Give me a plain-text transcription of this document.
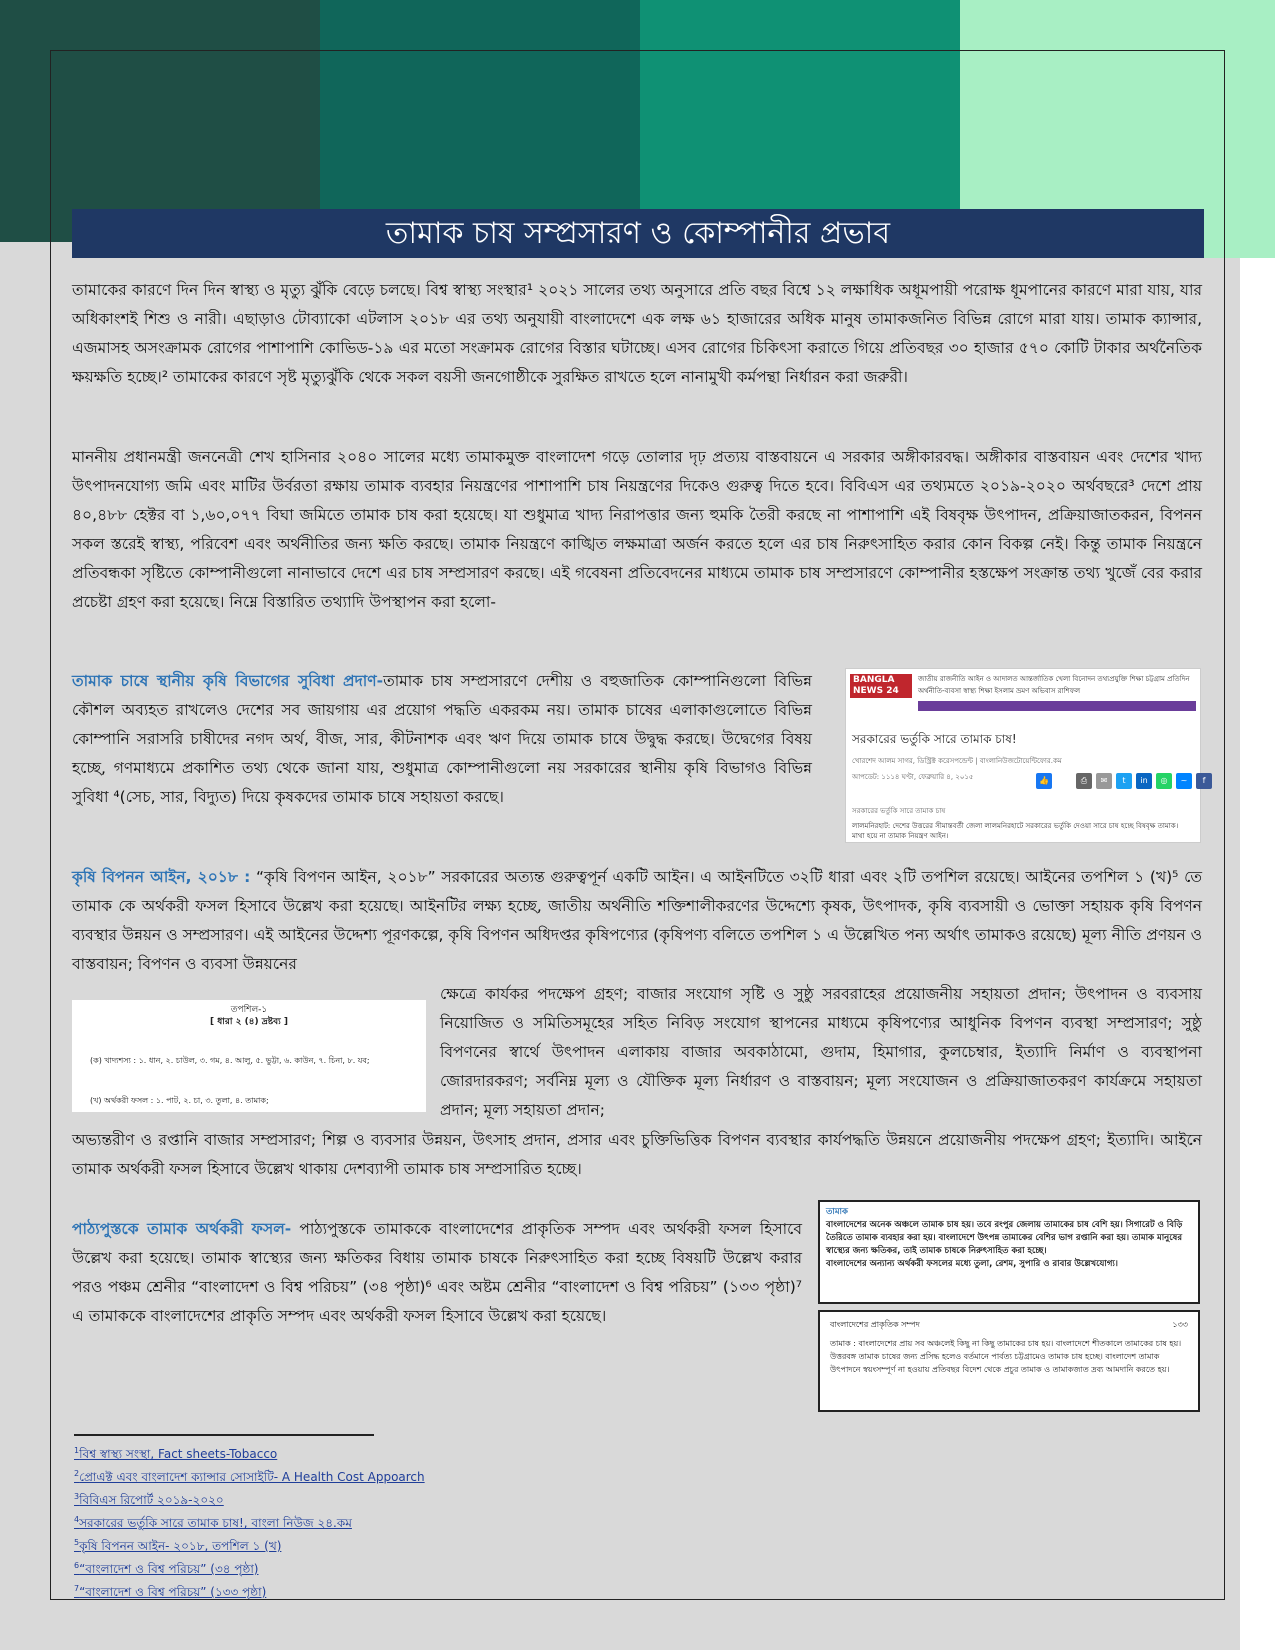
তামাক চাষ সম্প্রসারণ ও কোম্পানীর প্রভাব

তামাকের কারণে দিন দিন স্বাস্থ্য ও মৃত্যু ঝুঁকি বেড়ে চলছে। বিশ্ব স্বাস্থ্য সংস্থার¹ ২০২১ সালের তথ্য অনুসারে প্রতি বছর বিশ্বে ১২ লক্ষাধিক অধূমপায়ী পরোক্ষ ধূমপানের কারণে মারা যায়, যার অধিকাংশই শিশু ও নারী। এছাড়াও টোব্যাকো এটলাস ২০১৮ এর তথ্য অনুযায়ী বাংলাদেশে এক লক্ষ ৬১ হাজারের অধিক মানুষ তামাকজনিত বিভিন্ন রোগে মারা যায়। তামাক ক্যান্সার, এজমাসহ অসংক্রামক রোগের পাশাপাশি কোভিড-১৯ এর মতো সংক্রামক রোগের বিস্তার ঘটাচ্ছে। এসব রোগের চিকিৎসা করাতে গিয়ে প্রতিবছর ৩০ হাজার ৫৭০ কোটি টাকার অর্থনৈতিক ক্ষয়ক্ষতি হচ্ছে।² তামাকের কারণে সৃষ্ট মৃত্যুঝুঁকি থেকে সকল বয়সী জনগোষ্ঠীকে সুরক্ষিত রাখতে হলে নানামুখী কর্মপন্থা নির্ধারন করা জরুরী।

মাননীয় প্রধানমন্ত্রী জননেত্রী শেখ হাসিনার ২০৪০ সালের মধ্যে তামাকমুক্ত বাংলাদেশ গড়ে তোলার দৃঢ় প্রত্যয় বাস্তবায়নে এ সরকার অঙ্গীকারবদ্ধ। অঙ্গীকার বাস্তবায়ন এবং দেশের খাদ্য উৎপাদনযোগ্য জমি এবং মাটির উর্বরতা রক্ষায় তামাক ব্যবহার নিয়ন্ত্রণের পাশাপাশি চাষ নিয়ন্ত্রণের দিকেও গুরুত্ব দিতে হবে। বিবিএস এর তথ্যমতে ২০১৯-২০২০ অর্থবছরে³ দেশে প্রায় ৪০,৪৮৮ হেক্টর বা ১,৬০,০৭৭ বিঘা জমিতে তামাক চাষ করা হয়েছে। যা শুধুমাত্র খাদ্য নিরাপত্তার জন্য হুমকি তৈরী করছে না পাশাপাশি এই বিষবৃক্ষ উৎপাদন, প্রক্রিয়াজাতকরন, বিপনন সকল স্তরেই স্বাস্থ্য, পরিবেশ এবং অর্থনীতির জন্য ক্ষতি করছে। তামাক নিয়ন্ত্রণে কাঙ্খিত লক্ষমাত্রা অর্জন করতে হলে এর চাষ নিরুৎসাহিত করার কোন বিকল্প নেই। কিন্তু তামাক নিয়ন্ত্রনে প্রতিবন্ধকা সৃষ্টিতে কোম্পানীগুলো নানাভাবে দেশে এর চাষ সম্প্রসারণ করছে। এই গবেষনা প্রতিবেদনের মাধ্যমে তামাক চাষ সম্প্রসারণে কোম্পানীর হস্তক্ষেপ সংক্রান্ত তথ্য খুজেঁ বের করার প্রচেষ্টা গ্রহণ করা হয়েছে। নিম্নে বিস্তারিত তথ্যাদি উপস্থাপন করা হলো-

তামাক চাষে স্থানীয় কৃষি বিভাগের সুবিধা প্রদাণ-তামাক চাষ সম্প্রসারণে দেশীয় ও বহুজাতিক কোম্পানিগুলো বিভিন্ন কৌশল অব্যহত রাখলেও দেশের সব জায়গায় এর প্রয়োগ পদ্ধতি একরকম নয়। তামাক চাষের এলাকাগুলোতে বিভিন্ন কোম্পানি সরাসরি চাষীদের নগদ অর্থ, বীজ, সার, কীটনাশক এবং ঋণ দিয়ে তামাক চাষে উদ্বুদ্ধ করছে। উদ্বেগের বিষয় হচ্ছে, গণমাধ্যমে প্রকাশিত তথ্য থেকে জানা যায়, শুধুমাত্র কোম্পানীগুলো নয় সরকারের স্থানীয় কৃষি বিভাগও বিভিন্ন সুবিধা ⁴(সেচ, সার, বিদ্যুত) দিয়ে কৃষকদের তামাক চাষে সহায়তা করছে।

BANGLA NEWS 24
জাতীয় রাজনীতি আইন ও আদালত আন্তর্জাতিক খেলা বিনোদন তথ্যপ্রযুক্তি শিক্ষা চট্টগ্রাম প্রতিদিন অর্থনীতি-ব্যবসা স্বাস্থ্য শিক্ষা ইসলাম ভ্রমণ অভিবাস রাশিফল
সরকারের ভর্তুকি সারে তামাক চাষ!
খোরশেদ আলম সাগর, ডিস্ট্রিক্ট করেসপন্ডেন্ট | বাংলানিউজটোয়েন্টিফোর.কম
আপডেট: ১১১৪ ঘণ্টা, ফেব্রুয়ারি ৪, ২০১৫	👍	⎙	✉	t	in	◎	~	f
সরকারের ভর্তুকি সারে তামাক চাষ
লালমনিরহাট: দেশের উত্তরের সীমান্তবর্তী জেলা লালমনিরহাটে সরকারের ভর্তুকি দেওয়া সারে চাষ হচ্ছে বিষবৃক্ষ তামাক। মাথা হয়ে না তামাক নিয়ন্ত্রণ আইন।

কৃষি বিপনন আইন, ২০১৮ : “কৃষি বিপণন আইন, ২০১৮” সরকারের অত্যন্ত গুরুত্বপূর্ন একটি আইন। এ আইনটিতে ৩২টি ধারা এবং ২টি তপশিল রয়েছে। আইনের তপশিল ১ (খ)⁵ তে তামাক কে অর্থকরী ফসল হিসাবে উল্লেখ করা হয়েছে। আইনটির লক্ষ্য হচ্ছে, জাতীয় অর্থনীতি শক্তিশালীকরণের উদ্দেশ্যে কৃষক, উৎপাদক, কৃষি ব্যবসায়ী ও ভোক্তা সহায়ক কৃষি বিপণন ব্যবস্থার উন্নয়ন ও সম্প্রসারণ। এই আইনের উদ্দেশ্য পূরণকল্পে, কৃষি বিপণন অধিদপ্তর কৃষিপণ্যের (কৃষিপণ্য বলিতে তপশিল ১ এ উল্লেখিত পন্য অর্থাৎ তামাকও রয়েছে) মূল্য নীতি প্রণয়ন ও বাস্তবায়ন; বিপণন ও ব্যবসা উন্নয়নের

ক্ষেত্রে কার্যকর পদক্ষেপ গ্রহণ; বাজার সংযোগ সৃষ্টি ও সুষ্ঠু সরবরাহের প্রয়োজনীয় সহায়তা প্রদান; উৎপাদন ও ব্যবসায় নিয়োজিত ও সমিতিসমূহের সহিত নিবিড় সংযোগ স্থাপনের মাধ্যমে কৃষিপণ্যের আধুনিক বিপণন ব্যবস্থা সম্প্রসারণ; সুষ্ঠু বিপণনের স্বার্থে উৎপাদন এলাকায় বাজার অবকাঠামো, গুদাম, হিমাগার, কুলচেম্বার, ইত্যাদি নির্মাণ ও ব্যবস্থাপনা জোরদারকরণ; সর্বনিম্ন মূল্য ও যৌক্তিক মূল্য নির্ধারণ ও বাস্তবায়ন; মূল্য সংযোজন ও প্রক্রিয়াজাতকরণ কার্যক্রমে সহায়তা প্রদান; মূল্য সহায়তা প্রদান;

অভ্যন্তরীণ ও রপ্তানি বাজার সম্প্রসারণ; শিল্প ও ব্যবসার উন্নয়ন, উৎসাহ প্রদান, প্রসার এবং চুক্তিভিত্তিক বিপণন ব্যবস্থার কার্যপদ্ধতি উন্নয়নে প্রয়োজনীয় পদক্ষেপ গ্রহণ; ইত্যাদি। আইনে তামাক অর্থকরী ফসল হিসাবে উল্লেখ থাকায় দেশব্যাপী তামাক চাষ সম্প্রসারিত হচ্ছে।

তপশিল-১
[ ধারা ২ (৪) দ্রষ্টব্য ]
(ক) খাদ্যশস্য : ১. ধান, ২. চাউল, ৩. গম, ৪. আলু, ৫. ভুট্টা, ৬. কাউন, ৭. চিনা, ৮. যব;
(খ) অর্থকরী ফসল : ১. পাট, ২. চা, ৩. তুলা, ৪. তামাক;

পাঠ্যপুস্তকে তামাক অর্থকরী ফসল- পাঠ্যপুস্তকে তামাককে বাংলাদেশের প্রাকৃতিক সম্পদ এবং অর্থকরী ফসল হিসাবে উল্লেখ করা হয়েছে। তামাক স্বাস্থ্যের জন্য ক্ষতিকর বিধায় তামাক চাষকে নিরুৎসাহিত করা হচ্ছে বিষয়টি উল্লেখ করার পরও পঞ্চম শ্রেনীর “বাংলাদেশ ও বিশ্ব পরিচয়” (৩৪ পৃষ্ঠা)⁶ এবং অষ্টম শ্রেনীর “বাংলাদেশ ও বিশ্ব পরিচয়” (১৩৩ পৃষ্ঠা)⁷ এ তামাককে বাংলাদেশের প্রাকৃতি সম্পদ এবং অর্থকরী ফসল হিসাবে উল্লেখ করা হয়েছে।

তামাক
বাংলাদেশের অনেক অঞ্চলে তামাক চাষ হয়। তবে রংপুর জেলায় তামাকের চাষ বেশি হয়। সিগারেট ও বিড়ি তৈরিতে তামাক ব্যবহার করা হয়। বাংলাদেশে উৎপন্ন তামাকের বেশির ভাগ রপ্তানি করা হয়। তামাক মানুষের স্বাস্থ্যের জন্য ক্ষতিকর, তাই তামাক চাষকে নিরুৎসাহিত করা হচ্ছে।
বাংলাদেশের অন্যান্য অর্থকরী ফসলের মধ্যে তুলা, রেশম, সুপারি ও রাবার উল্লেখযোগ্য।
বাংলাদেশের প্রাকৃতিক সম্পদ	১৩৩
তামাক : বাংলাদেশের প্রায় সব অঞ্চলেই কিছু না কিছু তামাকের চাষ হয়। বাংলাদেশে শীতকালে তামাকের চাষ হয়। উত্তরবঙ্গ তামাক চাষের জন্য প্রসিদ্ধ হলেও বর্তমানে পার্বত্য চট্টগ্রামেও তামাক চাষ হচ্ছে। বাংলাদেশ তামাক উৎপাদনে স্বয়ংসম্পূর্ণ না হওয়ায় প্রতিবছর বিদেশ থেকে প্রচুর তামাক ও তামাকজাত দ্রব্য আমদানি করতে হয়।
$^1$বিশ্ব স্বাস্থ্য সংস্থা, Fact sheets-Tobacco
$^2$প্রোএক্ট এবং বাংলাদেশ ক্যান্সার সোসাইটি- A Health Cost Appoarch
$^3$বিবিএস রিপোর্ট ২০১৯-২০২০
$^4$সরকারের ভর্তুকি সারে তামাক চাষ!, বাংলা নিউজ ২৪.কম
$^5$কৃষি বিপনন আইন- ২০১৮, তপশিল ১ (খ)
$^6$“বাংলাদেশ ও বিশ্ব পরিচয়” (৩৪ পৃষ্ঠা)
$^7$“বাংলাদেশ ও বিশ্ব পরিচয়” (১৩৩ পৃষ্ঠা)
